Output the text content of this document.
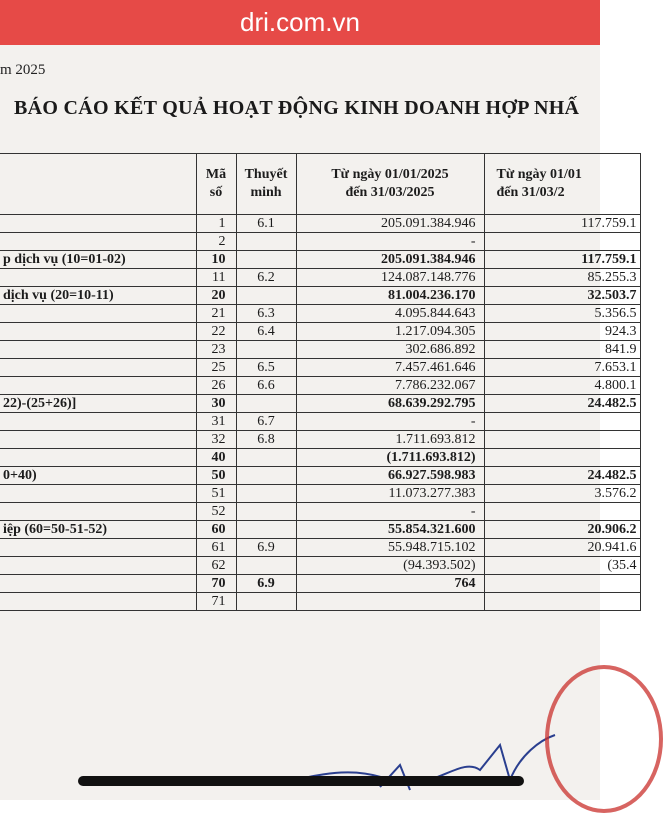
dri.com.vn
m 2025
BÁO CÁO KẾT QUẢ HOẠT ĐỘNG KINH DOANH HỢP NHẤ
	Mã
số	Thuyết
minh	Từ ngày 01/01/2025
đến 31/03/2025	Từ ngày 01/01
đến 31/03/2
	1	6.1	205.091.384.946	117.759.1
	2		-	
p dịch vụ (10=01-02)	10		205.091.384.946	117.759.1
	11	6.2	124.087.148.776	85.255.3
dịch vụ (20=10-11)	20		81.004.236.170	32.503.7
	21	6.3	4.095.844.643	5.356.5
	22	6.4	1.217.094.305	924.3
	23		302.686.892	841.9
	25	6.5	7.457.461.646	7.653.1
	26	6.6	7.786.232.067	4.800.1
22)-(25+26)]	30		68.639.292.795	24.482.5
	31	6.7	-	
	32	6.8	1.711.693.812	
	40		(1.711.693.812)	
0+40)	50		66.927.598.983	24.482.5
	51		11.073.277.383	3.576.2
	52		-	
iệp (60=50-51-52)	60		55.854.321.600	20.906.2
	61	6.9	55.948.715.102	20.941.6
	62		(94.393.502)	(35.4
	70	6.9	764	
	71			
